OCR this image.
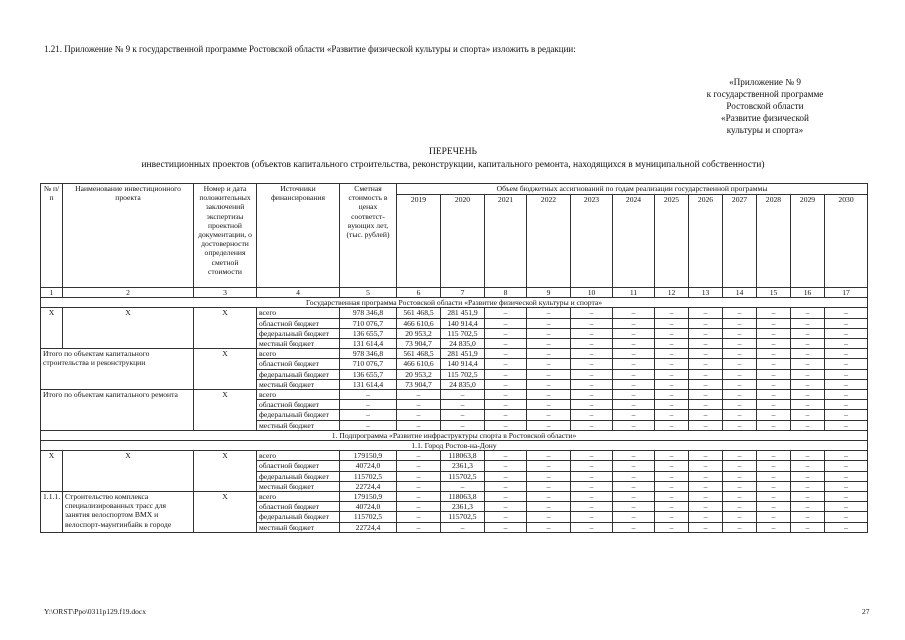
1.21. Приложение № 9 к государственной программе Ростовской области «Развитие физической культуры и спорта» изложить в редакции:
«Приложение № 9
к государственной программе
Ростовской области
«Развитие физической
культуры и спорта»
ПЕРЕЧЕНЬ
инвестиционных проектов (объектов капитального строительства, реконструкции, капитального ремонта, находящихся в муниципальной собственности)
№ п/п	Наименование инвестиционного проекта	Номер и дата положительных заключений экспертизы проектной документации, о достоверности определения сметной стоимости	Источники финансирования	Сметная стоимость в ценах соответст-вующих лет, (тыс. рублей)	Объем бюджетных ассигнований по годам реализации государственной программы											
					2019	2020	2021	2022	2023	2024	2025	2026	2027	2028	2029	2030
1	2	3	4	5	6	7	8	9	10	11	12	13	14	15	16	17
Государственная программа Ростовской области «Развитие физической культуры и спорта»																
Х	Х	Х	всего	978 346,8	561 468,5	281 451,9	–	–	–	–	–	–	–	–	–	–
			областной бюджет	710 076,7	466 610,6	140 914,4	–	–	–	–	–	–	–	–	–	–
			федеральный бюджет	136 655,7	20 953,2	115 702,5	–	–	–	–	–	–	–	–	–	–
			местный бюджет	131 614,4	73 904,7	24 835,0	–	–	–	–	–	–	–	–	–	–
Итого по объектам капитального строительства и реконструкции		Х	всего	978 346,8	561 468,5	281 451,9	–	–	–	–	–	–	–	–	–	–
			областной бюджет	710 076,7	466 610,6	140 914,4	–	–	–	–	–	–	–	–	–	–
			федеральный бюджет	136 655,7	20 953,2	115 702,5	–	–	–	–	–	–	–	–	–	–
			местный бюджет	131 614,4	73 904,7	24 835,0	–	–	–	–	–	–	–	–	–	–
Итого по объектам капитального ремонта		Х	всего	–	–	–	–	–	–	–	–	–	–	–	–	–
			областной бюджет	–	–	–	–	–	–	–	–	–	–	–	–	–
			федеральный бюджет	–	–	–	–	–	–	–	–	–	–	–	–	–
			местный бюджет	–	–	–	–	–	–	–	–	–	–	–	–	–
1. Подпрограмма «Развитие инфраструктуры спорта в Ростовской области»																
1.1. Город Ростов-на-Дону																
Х	Х	Х	всего	179150,9	–	118063,8	–	–	–	–	–	–	–	–	–	–
			областной бюджет	40724,0	–	2361,3	–	–	–	–	–	–	–	–	–	–
			федеральный бюджет	115702,5	–	115702,5	–	–	–	–	–	–	–	–	–	–
			местный бюджет	22724,4	–	–	–	–	–	–	–	–	–	–	–	–
1.1.1.	Строительство комплекса специализированных трасс для занятия велоспортом ВМХ и велоспорт-маунтинбайк в городе	Х	всего	179150,9	–	118063,8	–	–	–	–	–	–	–	–	–	–
			областной бюджет	40724,0	–	2361,3	–	–	–	–	–	–	–	–	–	–
			федеральный бюджет	115702,5	–	115702,5	–	–	–	–	–	–	–	–	–	–
			местный бюджет	22724,4	–	–	–	–	–	–	–	–	–	–	–	–
Y:\ORST\Ppo\0311p129.f19.docx	27
